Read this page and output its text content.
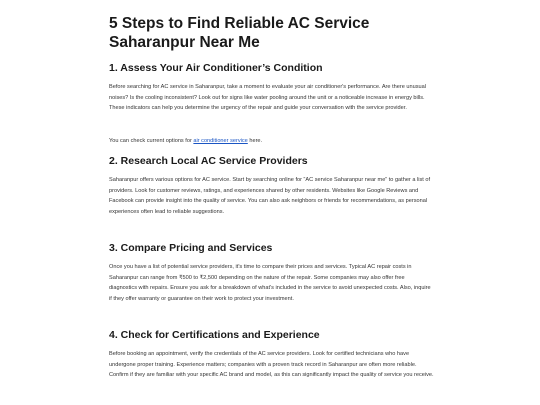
5 Steps to Find Reliable AC Service Saharanpur Near Me
1. Assess Your Air Conditioner’s Condition

Before searching for AC service in Saharanpur, take a moment to evaluate your air conditioner's performance. Are there unusual noises? Is the cooling inconsistent? Look out for signs like water pooling around the unit or a noticeable increase in energy bills. These indicators can help you determine the urgency of the repair and guide your conversation with the service provider.

You can check current options for air conditioner service here.

2. Research Local AC Service Providers

Saharanpur offers various options for AC service. Start by searching online for “AC service Saharanpur near me” to gather a list of providers. Look for customer reviews, ratings, and experiences shared by other residents. Websites like Google Reviews and Facebook can provide insight into the quality of service. You can also ask neighbors or friends for recommendations, as personal experiences often lead to reliable suggestions.

3. Compare Pricing and Services

Once you have a list of potential service providers, it's time to compare their prices and services. Typical AC repair costs in Saharanpur can range from ₹500 to ₹2,500 depending on the nature of the repair. Some companies may also offer free diagnostics with repairs. Ensure you ask for a breakdown of what's included in the service to avoid unexpected costs. Also, inquire if they offer warranty or guarantee on their work to protect your investment.

4. Check for Certifications and Experience

Before booking an appointment, verify the credentials of the AC service providers. Look for certified technicians who have undergone proper training. Experience matters; companies with a proven track record in Saharanpur are often more reliable. Confirm if they are familiar with your specific AC brand and model, as this can significantly impact the quality of service you receive.
